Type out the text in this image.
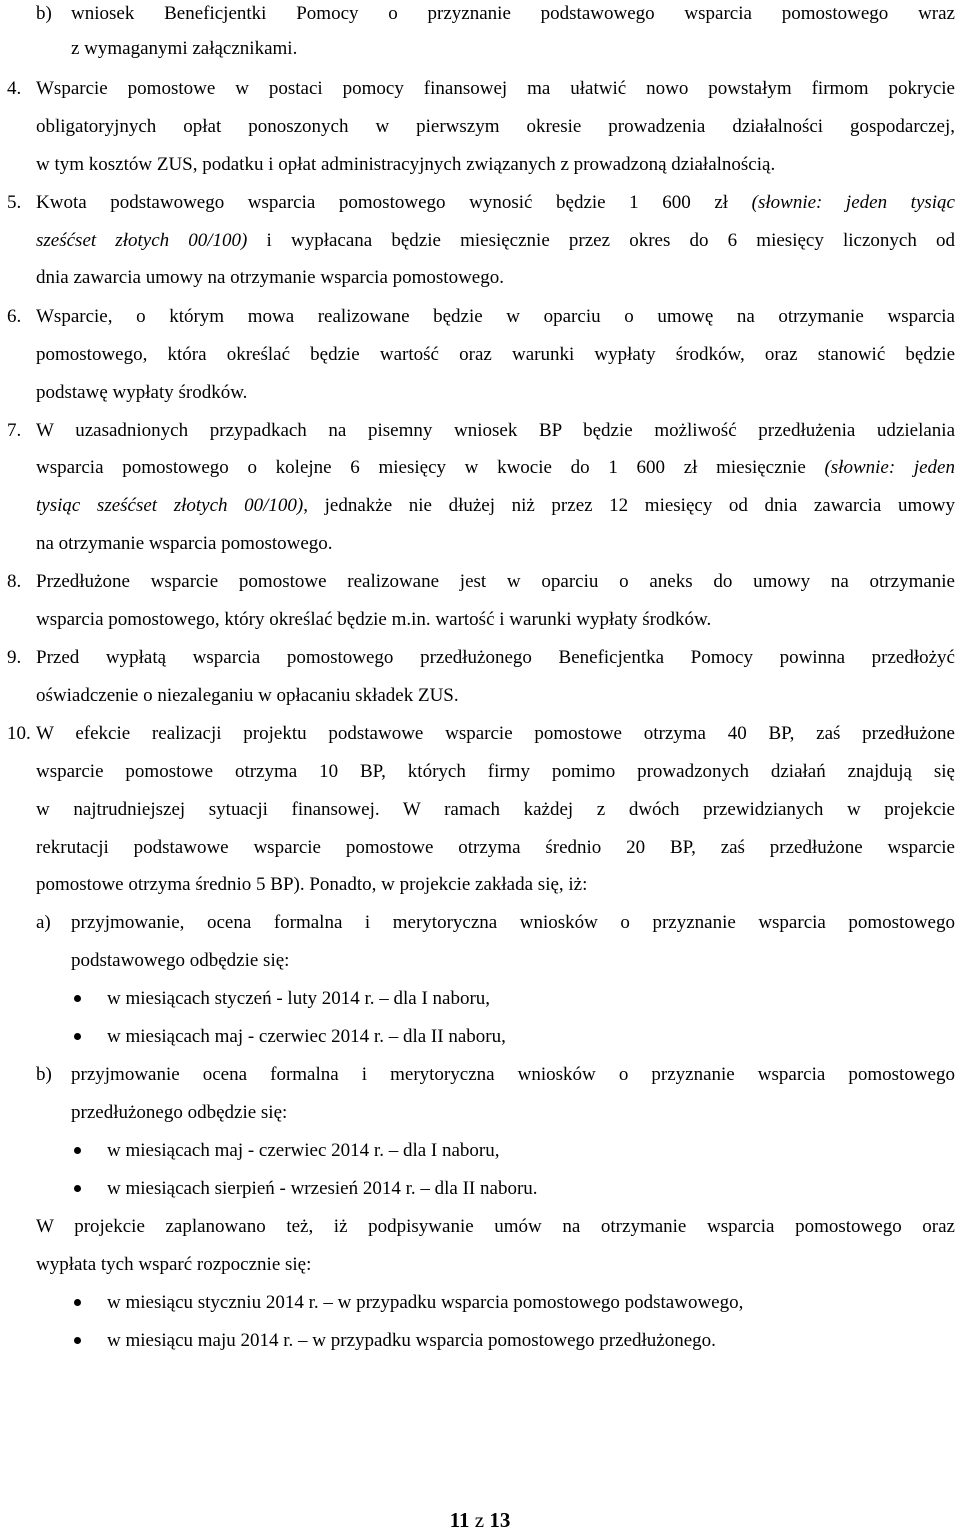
b) wniosek Beneficjentki Pomocy o przyznanie podstawowego wsparcia pomostowego wraz
z wymaganymi załącznikami.
4. Wsparcie pomostowe w postaci pomocy finansowej ma ułatwić nowo powstałym firmom pokrycie
obligatoryjnych opłat ponoszonych w pierwszym okresie prowadzenia działalności gospodarczej,
w tym kosztów ZUS, podatku i opłat administracyjnych związanych z prowadzoną działalnością.
5. Kwota podstawowego wsparcia pomostowego wynosić będzie 1 600 zł (słownie: jeden tysiąc
sześćset złotych 00/100) i wypłacana będzie miesięcznie przez okres do 6 miesięcy liczonych od
dnia zawarcia umowy na otrzymanie wsparcia pomostowego.
6. Wsparcie, o którym mowa realizowane będzie w oparciu o umowę na otrzymanie wsparcia
pomostowego, która określać będzie wartość oraz warunki wypłaty środków, oraz stanowić będzie
podstawę wypłaty środków.
7. W uzasadnionych przypadkach na pisemny wniosek BP będzie możliwość przedłużenia udzielania
wsparcia pomostowego o kolejne 6 miesięcy w kwocie do 1 600 zł miesięcznie (słownie: jeden
tysiąc sześćset złotych 00/100), jednakże nie dłużej niż przez 12 miesięcy od dnia zawarcia umowy
na otrzymanie wsparcia pomostowego.
8. Przedłużone wsparcie pomostowe realizowane jest w oparciu o aneks do umowy na otrzymanie
wsparcia pomostowego, który określać będzie m.in. wartość i warunki wypłaty środków.
9. Przed wypłatą wsparcia pomostowego przedłużonego Beneficjentka Pomocy powinna przedłożyć
oświadczenie o niezaleganiu w opłacaniu składek ZUS.
10. W efekcie realizacji projektu podstawowe wsparcie pomostowe otrzyma 40 BP, zaś przedłużone
wsparcie pomostowe otrzyma 10 BP, których firmy pomimo prowadzonych działań znajdują się
w najtrudniejszej sytuacji finansowej. W ramach każdej z dwóch przewidzianych w projekcie
rekrutacji podstawowe wsparcie pomostowe otrzyma średnio 20 BP, zaś przedłużone wsparcie
pomostowe otrzyma średnio 5 BP). Ponadto, w projekcie zakłada się, iż:
a) przyjmowanie, ocena formalna i merytoryczna wniosków o przyznanie wsparcia pomostowego
podstawowego odbędzie się:
w miesiącach styczeń - luty 2014 r. – dla I naboru,
w miesiącach maj - czerwiec 2014 r. – dla II naboru,
b) przyjmowanie ocena formalna i merytoryczna wniosków o przyznanie wsparcia pomostowego
przedłużonego odbędzie się:
w miesiącach maj - czerwiec 2014 r. – dla I naboru,
w miesiącach sierpień - wrzesień 2014 r. – dla II naboru.
W projekcie zaplanowano też, iż podpisywanie umów na otrzymanie wsparcia pomostowego oraz
wypłata tych wsparć rozpocznie się:
w miesiącu styczniu 2014 r. – w przypadku wsparcia pomostowego podstawowego,
w miesiącu maju 2014 r. – w przypadku wsparcia pomostowego przedłużonego.
11 z 13
